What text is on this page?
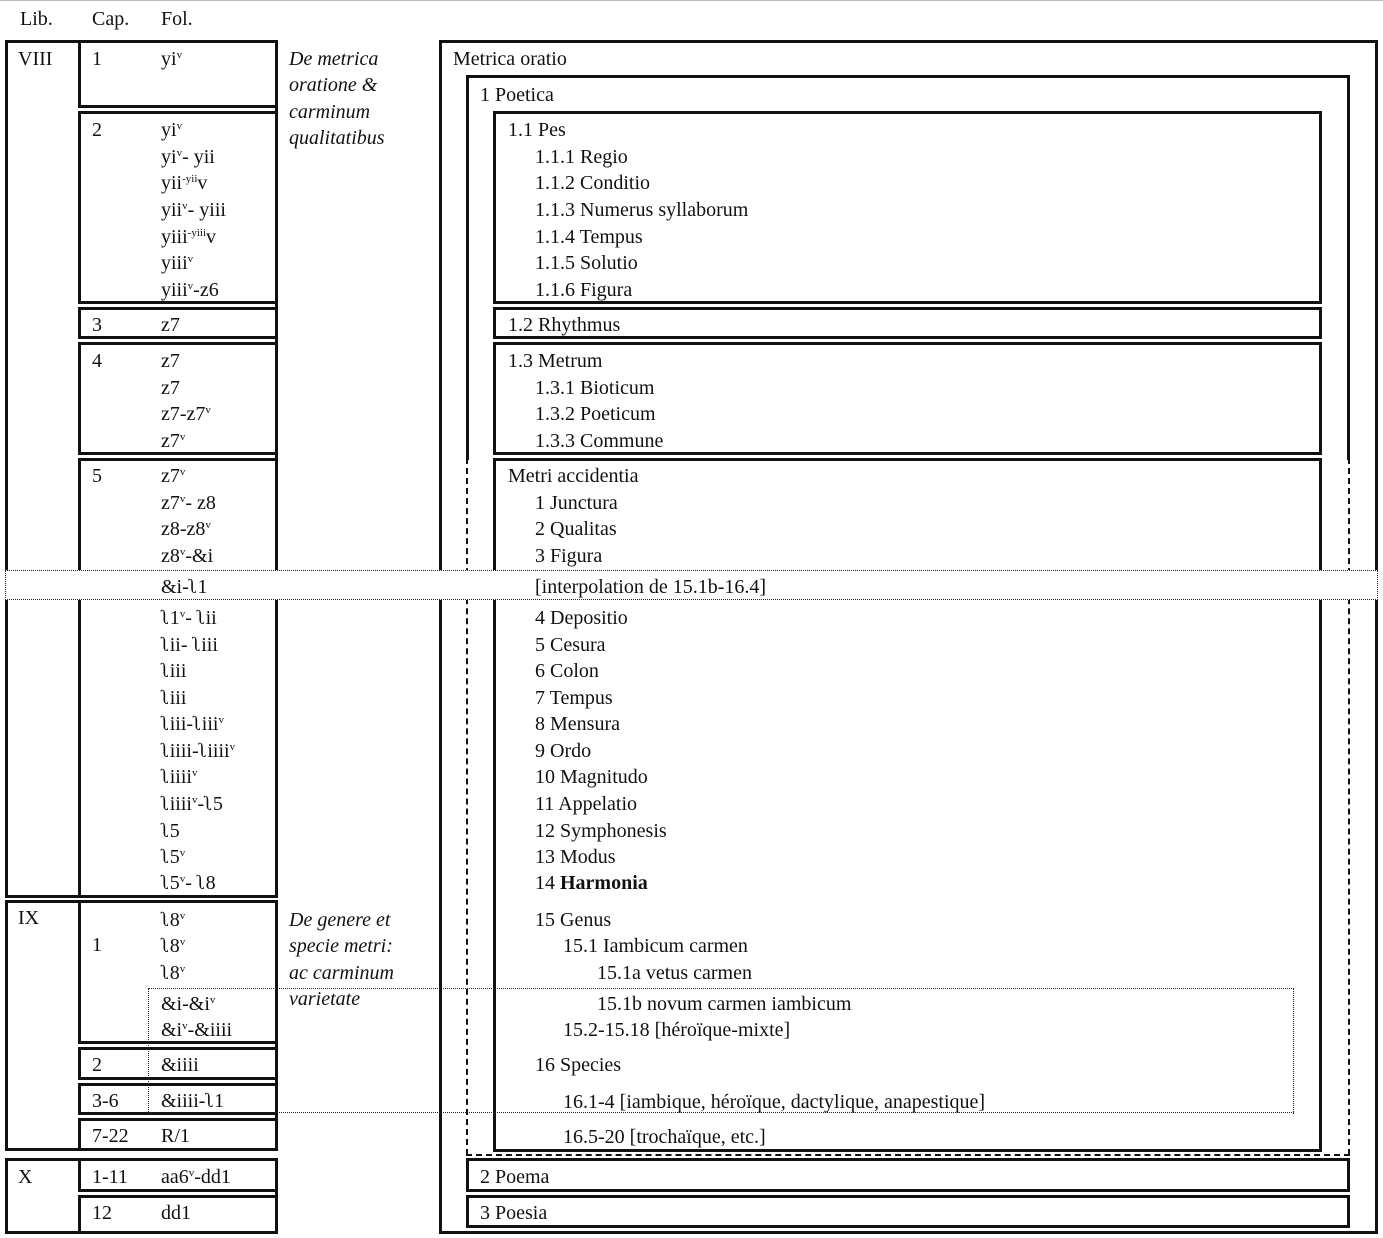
Lib. Cap. Fol.
VIII
IX
X
1
2
3
4
5
1
2
3-6
7-22
1-11
12
$yi^v$
$yi^v$
$yi^v-$ yii
yii$^{-yii}$v
yii$^v$- yiii
yiii$^{-yiii}$v
yiii$^v$
yiii$^v$-z6
z7
z7
z7
z7-z7$^v$
z7$^v$
z7$^v$
z7$^v$- z8
z8-z8$^v$
z8$^v$-&i
&i-ʅ1
ʅ1$^v$- ʅii
ʅii- ʅiii
ʅiii
ʅiii
ʅiii-ʅiii$^v$
ʅiiii-ʅiiii$^v$
ʅiiii$^v$
ʅiiii$^v$-ʅ5
ʅ5
ʅ5$^v$
ʅ5$^v$- ʅ8
ʅ8$^v$
ʅ8$^v$
ʅ8$^v$
$\&i-\&i^v$
$\&i^v-\&iiii$
&iiii
&iiii-ʅ1
R/1
aa6$^v$-dd1
dd1
De metrica
oratione &
carminum
qualitatibus
De genere et
specie metri:
ac carminum
varietate
Metrica oratio
1 Poetica
1.1 Pes
1.1.1 Regio
1.1.2 Conditio
1.1.3 Numerus syllaborum
1.1.4 Tempus
1.1.5 Solutio
1.1.6 Figura
1.2 Rhythmus
1.3 Metrum
1.3.1 Bioticum
1.3.2 Poeticum
1.3.3 Commune
Metri accidentia
1 Junctura
2 Qualitas
3 Figura
[interpolation de 15.1b-16.4]
4 Depositio
5 Cesura
6 Colon
7 Tempus
8 Mensura
9 Ordo
10 Magnitudo
11 Appelatio
12 Symphonesis
13 Modus
14 Harmonia
15 Genus
15.1 Iambicum carmen
15.1a vetus carmen
15.1b novum carmen iambicum
15.2-15.18 [héroïque-mixte]
16 Species
16.1-4 [iambique, héroïque, dactylique, anapestique]
16.5-20 [trochaïque, etc.]
2 Poema
3 Poesia
